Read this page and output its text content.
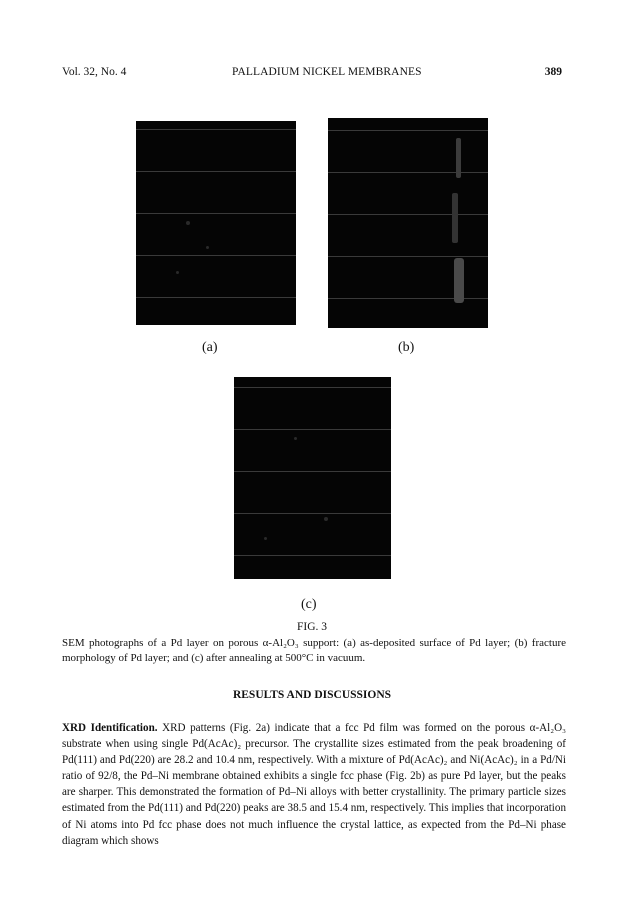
Vol. 32, No. 4	PALLADIUM NICKEL MEMBRANES	389
(a)	(b)
(c)
FIG. 3
SEM photographs of a Pd layer on porous α-Al₂O₃ support: (a) as-deposited surface of Pd layer; (b) fracture morphology of Pd layer; and (c) after annealing at 500°C in vacuum.
RESULTS AND DISCUSSIONS
XRD Identification. XRD patterns (Fig. 2a) indicate that a fcc Pd film was formed on the porous α-Al₂O₃ substrate when using single Pd(AcAc)₂ precursor. The crystallite sizes estimated from the peak broadening of Pd(111) and Pd(220) are 28.2 and 10.4 nm, respectively. With a mixture of Pd(AcAc)₂ and Ni(AcAc)₂ in a Pd/Ni ratio of 92/8, the Pd–Ni membrane obtained exhibits a single fcc phase (Fig. 2b) as pure Pd layer, but the peaks are sharper. This demonstrated the formation of Pd–Ni alloys with better crystallinity. The primary particle sizes estimated from the Pd(111) and Pd(220) peaks are 38.5 and 15.4 nm, respectively. This implies that incorporation of Ni atoms into Pd fcc phase does not much influence the crystal lattice, as expected from the Pd–Ni phase diagram which shows
